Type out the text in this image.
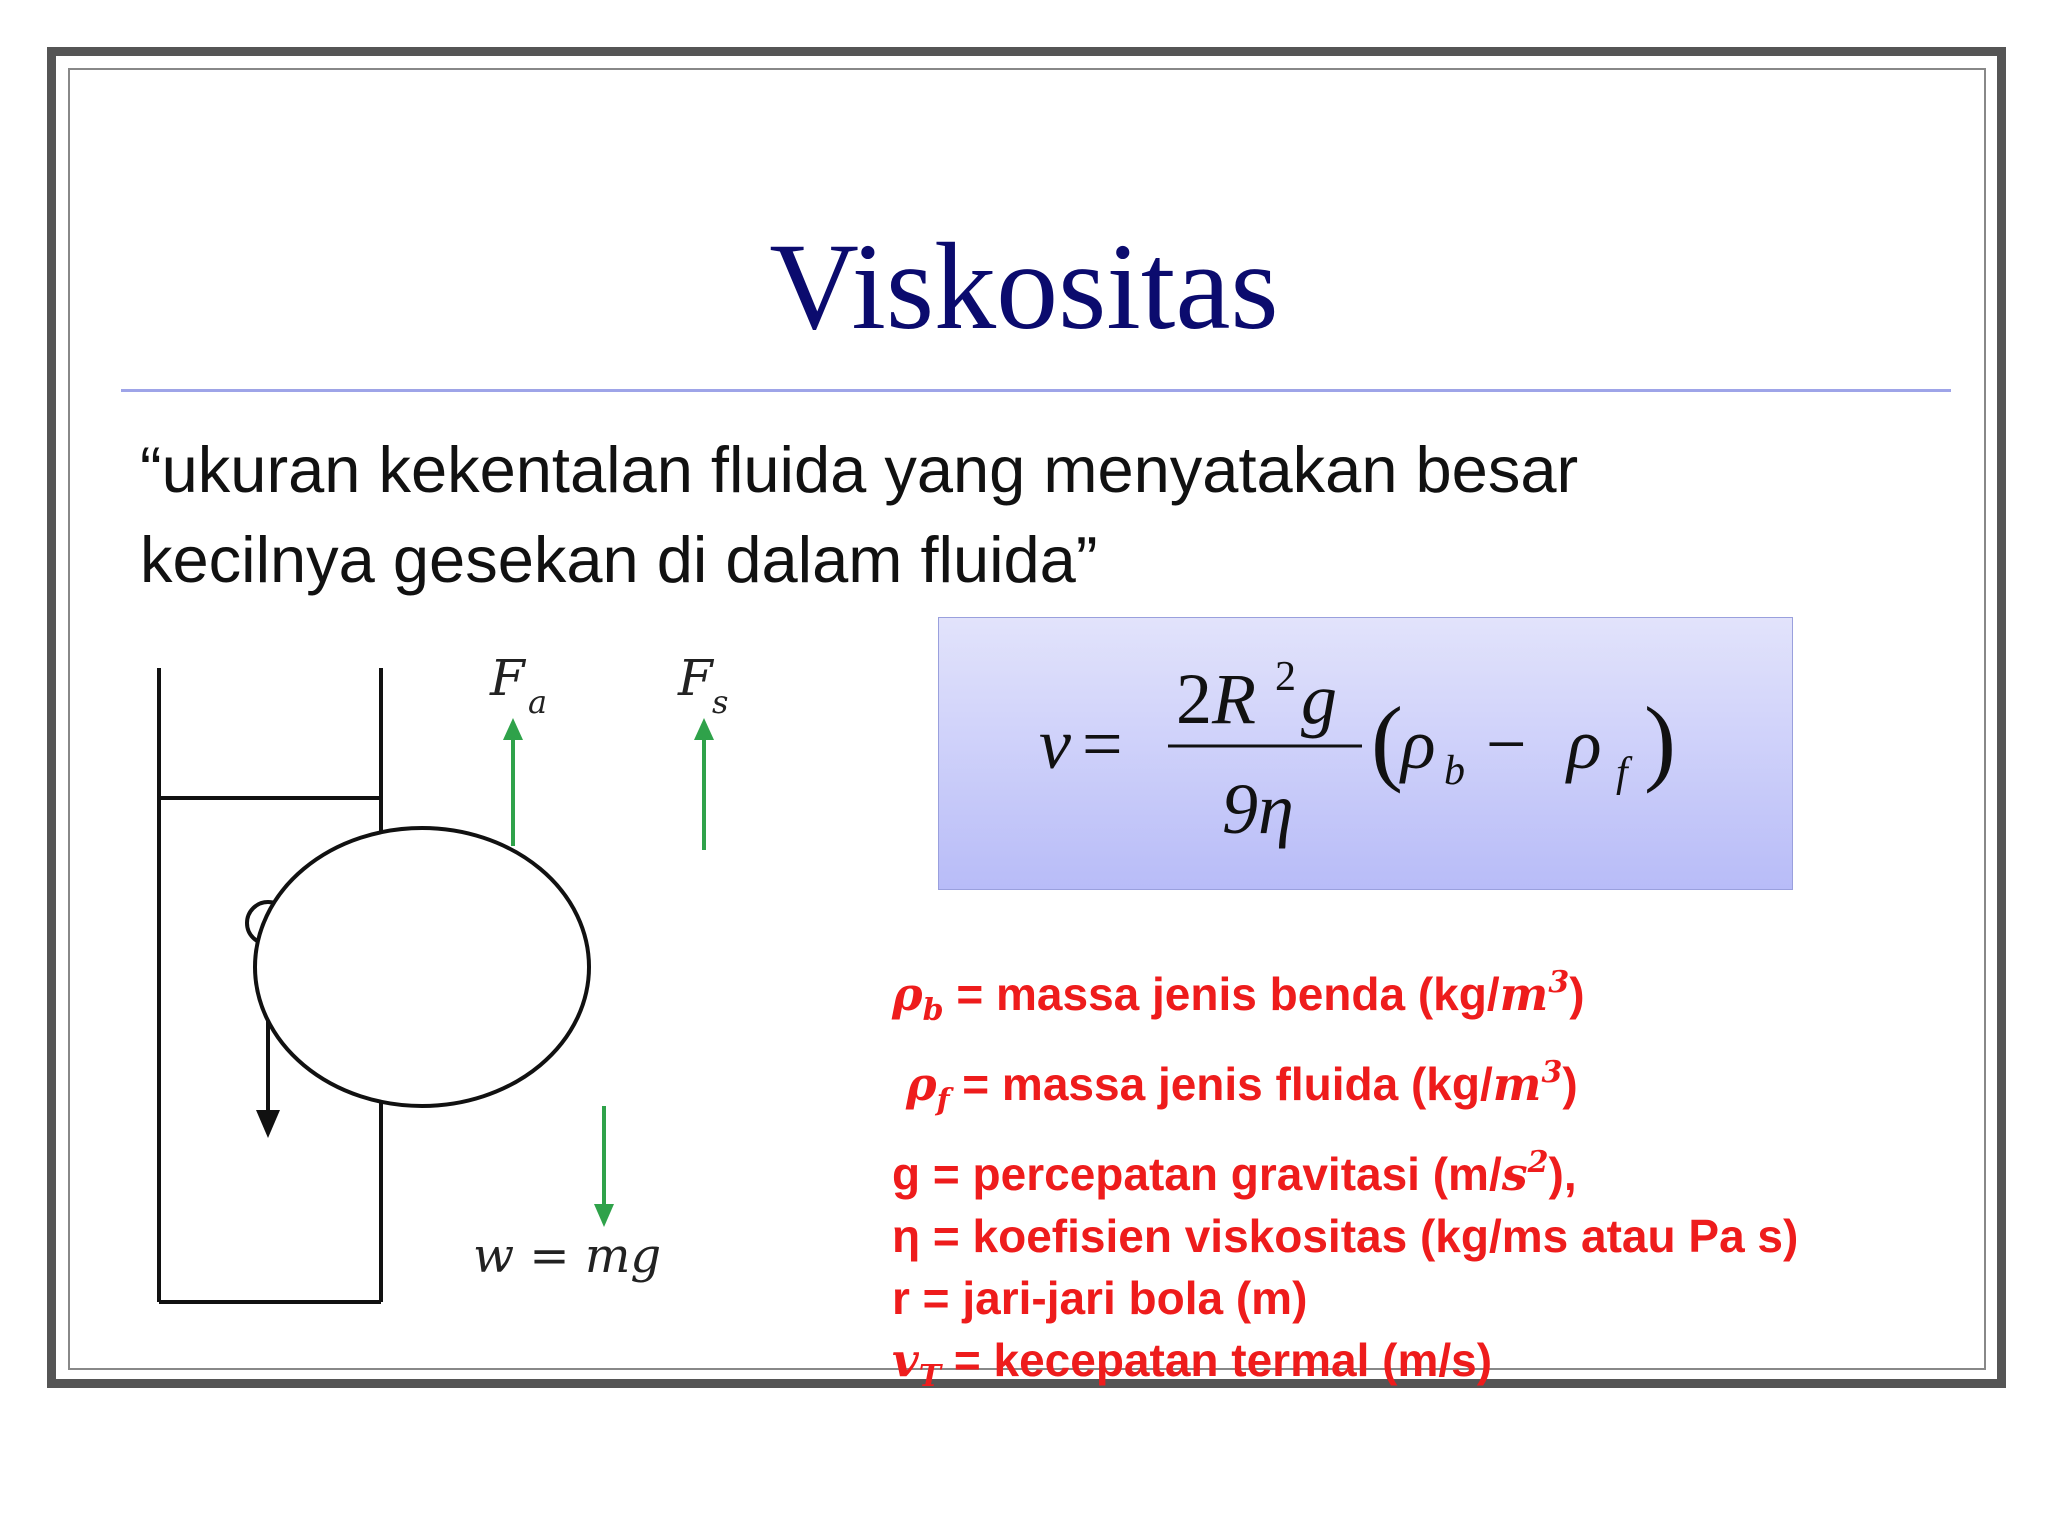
Viskositas
“ukuran kekentalan fluida yang menyatakan besar
kecilnya gesekan di dalam fluida”
F a	F s
w = mg
v =
2 R 2 g
9η
(
ρ b − ρ f )
$\rho_b$ = massa jenis benda $(kg/m^3)$
$\rho_f$ = massa jenis fluida $(kg/m^3)$
g = percepatan gravitasi $(m/s^2)$,
η = koefisien viskositas (kg/ms atau Pa s)
r = jari-jari bola (m)
$v_T$ = kecepatan termal (m/s)
